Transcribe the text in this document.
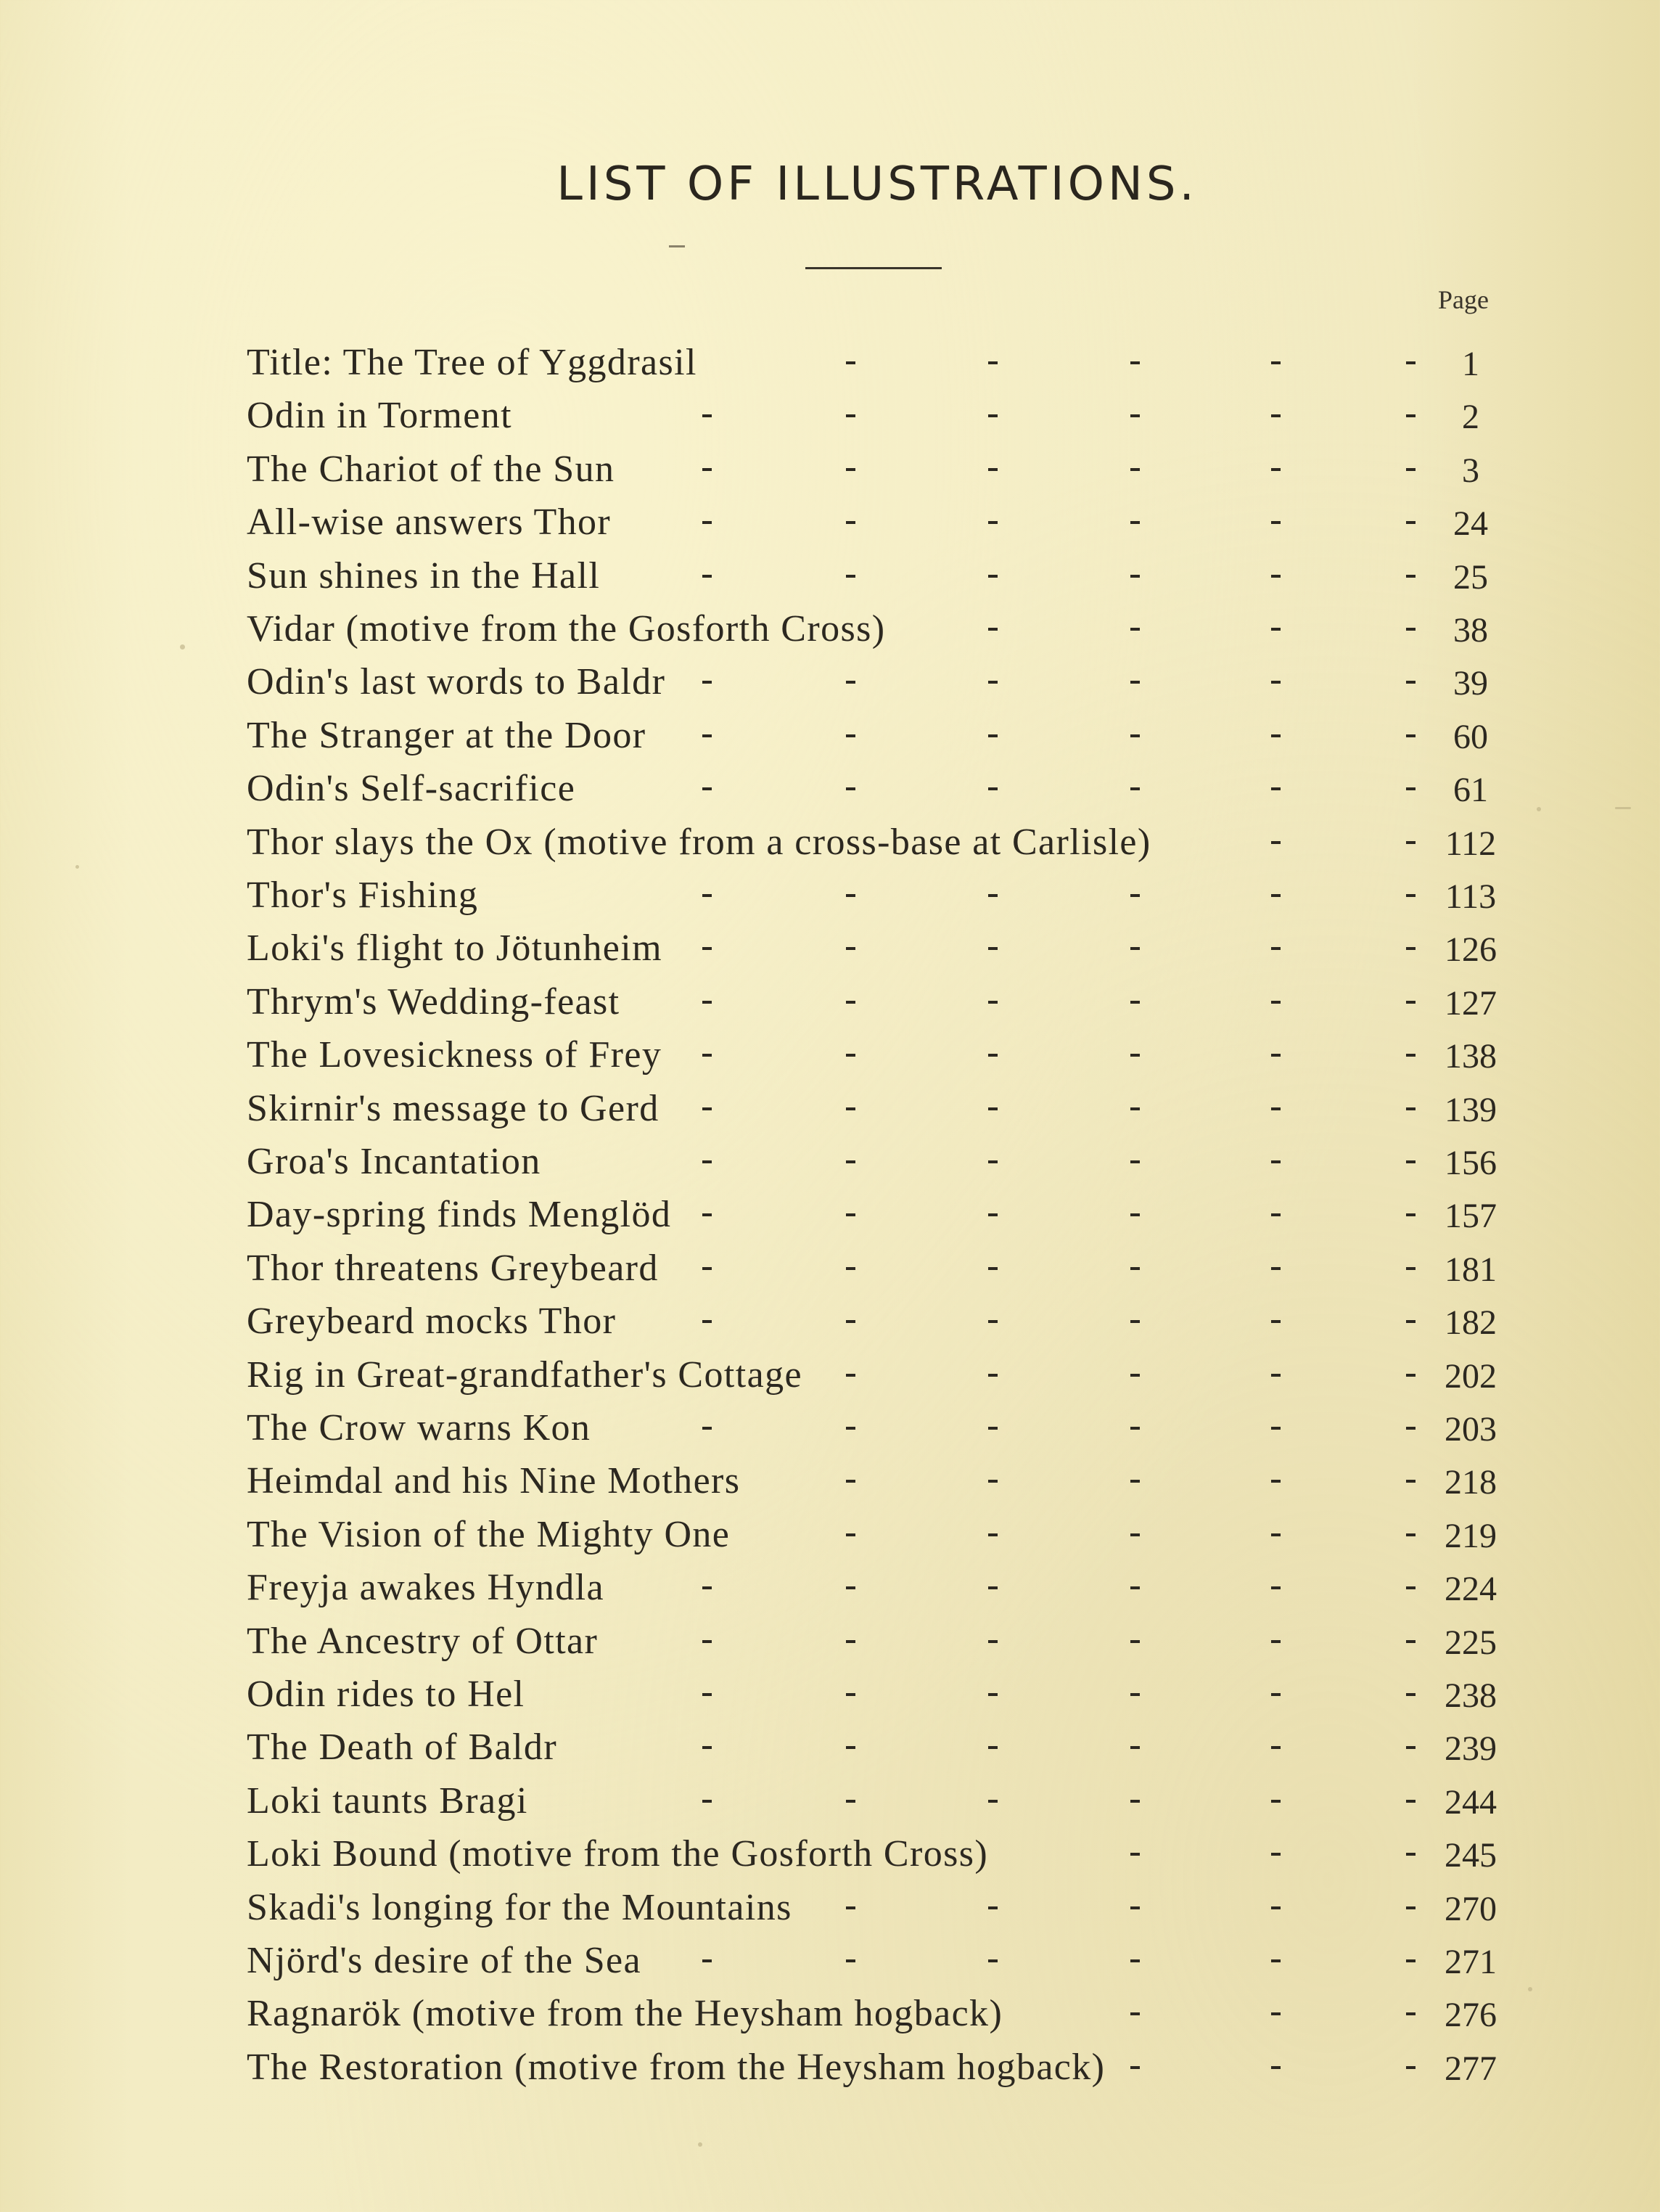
LIST OF ILLUSTRATIONS.
Page
Title: The Tree of Yggdrasil	1
Odin in Torment	2
The Chariot of the Sun	3
All-wise answers Thor	24
Sun shines in the Hall	25
Vidar (motive from the Gosforth Cross)	38
Odin's last words to Baldr	39
The Stranger at the Door	60
Odin's Self-sacrifice	61
Thor slays the Ox (motive from a cross-base at Carlisle)	112
Thor's Fishing	113
Loki's flight to Jötunheim	126
Thrym's Wedding-feast	127
The Lovesickness of Frey	138
Skirnir's message to Gerd	139
Groa's Incantation	156
Day-spring finds Menglöd	157
Thor threatens Greybeard	181
Greybeard mocks Thor	182
Rig in Great-grandfather's Cottage	202
The Crow warns Kon	203
Heimdal and his Nine Mothers	218
The Vision of the Mighty One	219
Freyja awakes Hyndla	224
The Ancestry of Ottar	225
Odin rides to Hel	238
The Death of Baldr	239
Loki taunts Bragi	244
Loki Bound (motive from the Gosforth Cross)	245
Skadi's longing for the Mountains	270
Njörd's desire of the Sea	271
Ragnarök (motive from the Heysham hogback)	276
The Restoration (motive from the Heysham hogback)	277
